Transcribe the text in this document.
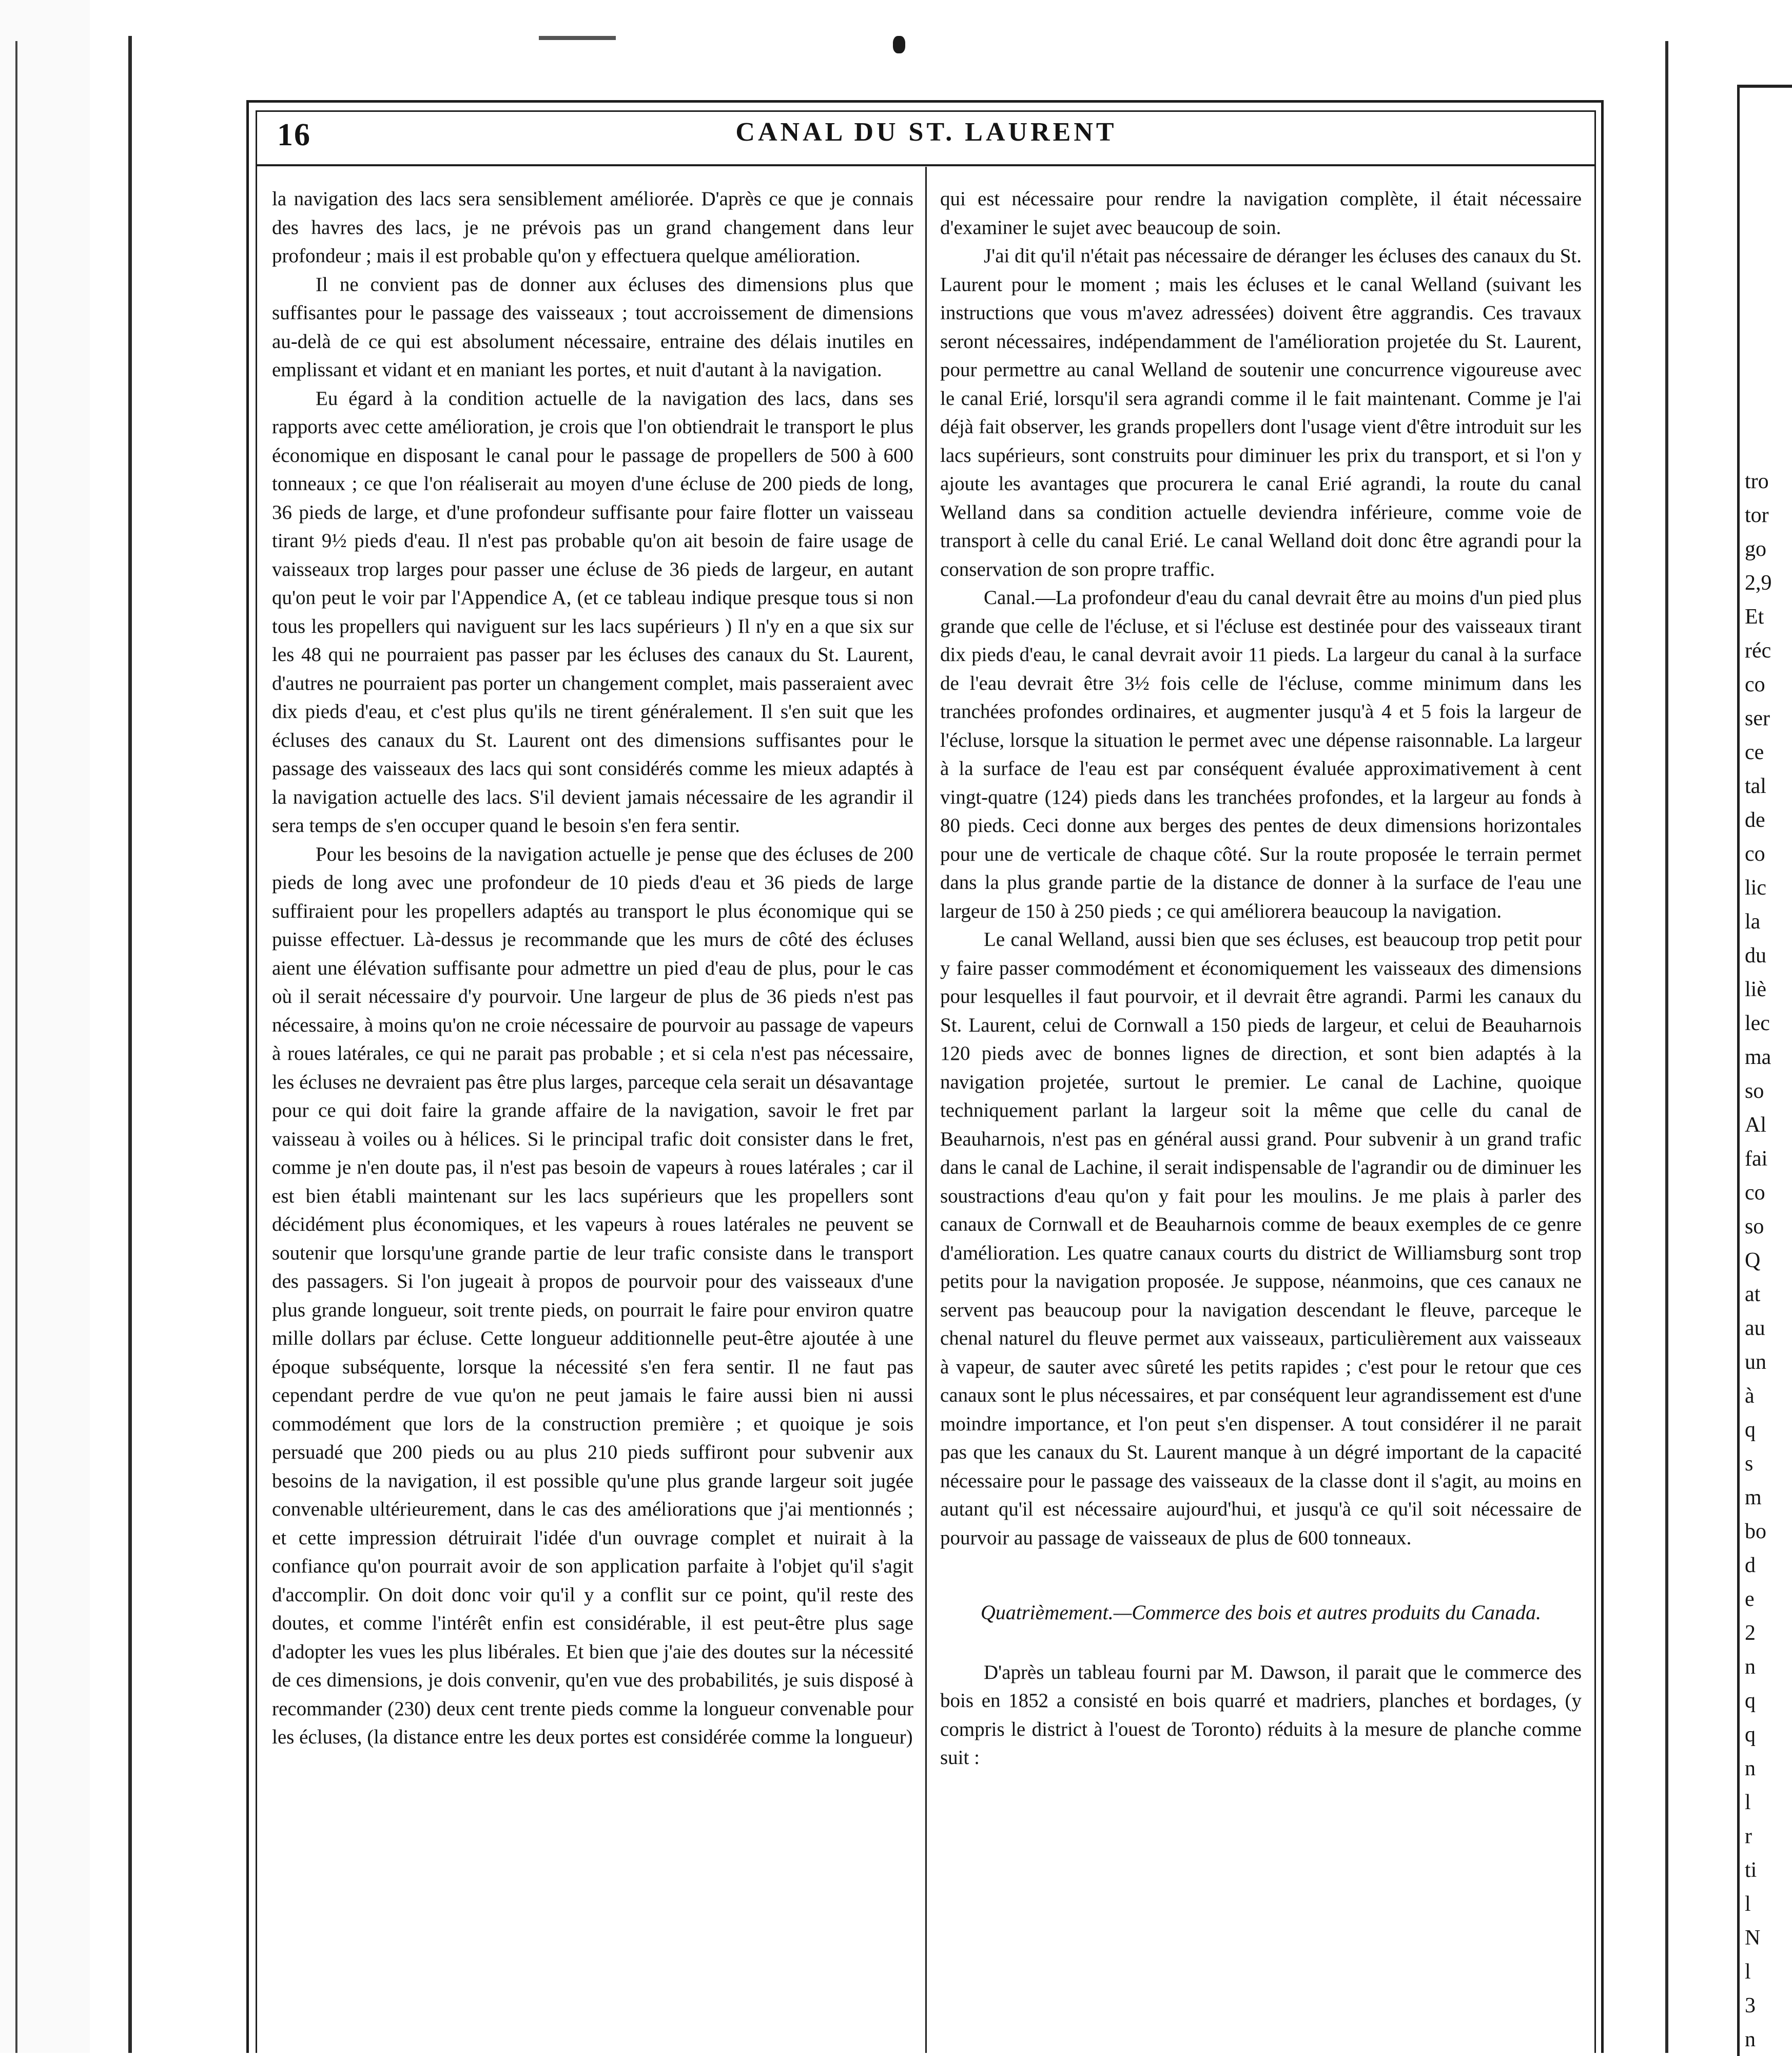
tro
tor
go
2,9
Et
réc
co
ser
ce
tal
de
co
lic
la
du
liè
lec
ma
so
Al
fai
co
so
Q
at
au
un
à
q
s
m
bo
d
e
2
n
q
q
n
l
r
ti
l
N
l
3
n
16	CANAL DU ST. LAURENT

la navigation des lacs sera sensiblement améliorée. D'après ce que je connais des havres des lacs, je ne prévois pas un grand changement dans leur profondeur ; mais il est probable qu'on y effectuera quelque amélioration.

Il ne convient pas de donner aux écluses des dimensions plus que suffisantes pour le passage des vaisseaux ; tout accroissement de dimensions au-delà de ce qui est absolument nécessaire, entraine des délais inutiles en emplissant et vidant et en maniant les portes, et nuit d'autant à la navigation.

Eu égard à la condition actuelle de la navigation des lacs, dans ses rapports avec cette amélioration, je crois que l'on obtiendrait le transport le plus économique en disposant le canal pour le passage de propellers de 500 à 600 tonneaux ; ce que l'on réaliserait au moyen d'une écluse de 200 pieds de long, 36 pieds de large, et d'une profondeur suffisante pour faire flotter un vaisseau tirant 9½ pieds d'eau. Il n'est pas probable qu'on ait besoin de faire usage de vaisseaux trop larges pour passer une écluse de 36 pieds de largeur, en autant qu'on peut le voir par l'Appendice A, (et ce tableau indique presque tous si non tous les propellers qui naviguent sur les lacs supérieurs ) Il n'y en a que six sur les 48 qui ne pourraient pas passer par les écluses des canaux du St. Laurent, d'autres ne pourraient pas porter un changement complet, mais passeraient avec dix pieds d'eau, et c'est plus qu'ils ne tirent généralement. Il s'en suit que les écluses des canaux du St. Laurent ont des dimensions suffisantes pour le passage des vaisseaux des lacs qui sont considérés comme les mieux adaptés à la navigation actuelle des lacs. S'il devient jamais nécessaire de les agrandir il sera temps de s'en occuper quand le besoin s'en fera sentir.

Pour les besoins de la navigation actuelle je pense que des écluses de 200 pieds de long avec une profondeur de 10 pieds d'eau et 36 pieds de large suffiraient pour les propellers adaptés au transport le plus économique qui se puisse effectuer. Là-dessus je recommande que les murs de côté des écluses aient une élévation suffisante pour admettre un pied d'eau de plus, pour le cas où il serait nécessaire d'y pourvoir. Une largeur de plus de 36 pieds n'est pas nécessaire, à moins qu'on ne croie nécessaire de pourvoir au passage de vapeurs à roues latérales, ce qui ne parait pas probable ; et si cela n'est pas nécessaire, les écluses ne devraient pas être plus larges, parceque cela serait un désavantage pour ce qui doit faire la grande affaire de la navigation, savoir le fret par vaisseau à voiles ou à hélices. Si le principal trafic doit consister dans le fret, comme je n'en doute pas, il n'est pas besoin de vapeurs à roues latérales ; car il est bien établi maintenant sur les lacs supérieurs que les propellers sont décidément plus économiques, et les vapeurs à roues latérales ne peuvent se soutenir que lorsqu'une grande partie de leur trafic consiste dans le transport des passagers. Si l'on jugeait à propos de pourvoir pour des vaisseaux d'une plus grande longueur, soit trente pieds, on pourrait le faire pour environ quatre mille dollars par écluse. Cette longueur additionnelle peut-être ajoutée à une époque subséquente, lorsque la nécessité s'en fera sentir. Il ne faut pas cependant perdre de vue qu'on ne peut jamais le faire aussi bien ni aussi commodément que lors de la construction première ; et quoique je sois persuadé que 200 pieds ou au plus 210 pieds suffiront pour subvenir aux besoins de la navigation, il est possible qu'une plus grande largeur soit jugée convenable ultérieurement, dans le cas des améliorations que j'ai mentionnés ; et cette impression détruirait l'idée d'un ouvrage complet et nuirait à la confiance qu'on pourrait avoir de son application parfaite à l'objet qu'il s'agit d'accomplir. On doit donc voir qu'il y a conflit sur ce point, qu'il reste des doutes, et comme l'intérêt enfin est considérable, il est peut-être plus sage d'adopter les vues les plus libérales. Et bien que j'aie des doutes sur la nécessité de ces dimensions, je dois convenir, qu'en vue des probabilités, je suis disposé à recommander (230) deux cent trente pieds comme la longueur convenable pour les écluses, (la distance entre les deux portes est considérée comme la longueur)

qui est nécessaire pour rendre la navigation complète, il était nécessaire d'examiner le sujet avec beaucoup de soin.

J'ai dit qu'il n'était pas nécessaire de déranger les écluses des canaux du St. Laurent pour le moment ; mais les écluses et le canal Welland (suivant les instructions que vous m'avez adressées) doivent être aggrandis. Ces travaux seront nécessaires, indépendamment de l'amélioration projetée du St. Laurent, pour permettre au canal Welland de soutenir une concurrence vigoureuse avec le canal Erié, lorsqu'il sera agrandi comme il le fait maintenant. Comme je l'ai déjà fait observer, les grands propellers dont l'usage vient d'être introduit sur les lacs supérieurs, sont construits pour diminuer les prix du transport, et si l'on y ajoute les avantages que procurera le canal Erié agrandi, la route du canal Welland dans sa condition actuelle deviendra inférieure, comme voie de transport à celle du canal Erié. Le canal Welland doit donc être agrandi pour la conservation de son propre traffic.

Canal.—La profondeur d'eau du canal devrait être au moins d'un pied plus grande que celle de l'écluse, et si l'écluse est destinée pour des vaisseaux tirant dix pieds d'eau, le canal devrait avoir 11 pieds. La largeur du canal à la surface de l'eau devrait être 3½ fois celle de l'écluse, comme minimum dans les tranchées profondes ordinaires, et augmenter jusqu'à 4 et 5 fois la largeur de l'écluse, lorsque la situation le permet avec une dépense raisonnable. La largeur à la surface de l'eau est par conséquent évaluée approximativement à cent vingt-quatre (124) pieds dans les tranchées profondes, et la largeur au fonds à 80 pieds. Ceci donne aux berges des pentes de deux dimensions horizontales pour une de verticale de chaque côté. Sur la route proposée le terrain permet dans la plus grande partie de la distance de donner à la surface de l'eau une largeur de 150 à 250 pieds ; ce qui améliorera beaucoup la navigation.

Le canal Welland, aussi bien que ses écluses, est beaucoup trop petit pour y faire passer commodément et économiquement les vaisseaux des dimensions pour lesquelles il faut pourvoir, et il devrait être agrandi. Parmi les canaux du St. Laurent, celui de Cornwall a 150 pieds de largeur, et celui de Beauharnois 120 pieds avec de bonnes lignes de direction, et sont bien adaptés à la navigation projetée, surtout le premier. Le canal de Lachine, quoique techniquement parlant la largeur soit la même que celle du canal de Beauharnois, n'est pas en général aussi grand. Pour subvenir à un grand trafic dans le canal de Lachine, il serait indispensable de l'agrandir ou de diminuer les soustractions d'eau qu'on y fait pour les moulins. Je me plais à parler des canaux de Cornwall et de Beauharnois comme de beaux exemples de ce genre d'amélioration. Les quatre canaux courts du district de Williamsburg sont trop petits pour la navigation proposée. Je suppose, néanmoins, que ces canaux ne servent pas beaucoup pour la navigation descendant le fleuve, parceque le chenal naturel du fleuve permet aux vaisseaux, particulièrement aux vaisseaux à vapeur, de sauter avec sûreté les petits rapides ; c'est pour le retour que ces canaux sont le plus nécessaires, et par conséquent leur agrandissement est d'une moindre importance, et l'on peut s'en dispenser. A tout considérer il ne parait pas que les canaux du St. Laurent manque à un dégré important de la capacité nécessaire pour le passage des vaisseaux de la classe dont il s'agit, au moins en autant qu'il est nécessaire aujourd'hui, et jusqu'à ce qu'il soit nécessaire de pourvoir au passage de vaisseaux de plus de 600 tonneaux.

Quatrièmement.—Commerce des bois et autres produits du Canada.

D'après un tableau fourni par M. Dawson, il parait que le commerce des bois en 1852 a consisté en bois quarré et madriers, planches et bordages, (y compris le district à l'ouest de Toronto) réduits à la mesure de planche comme suit :
